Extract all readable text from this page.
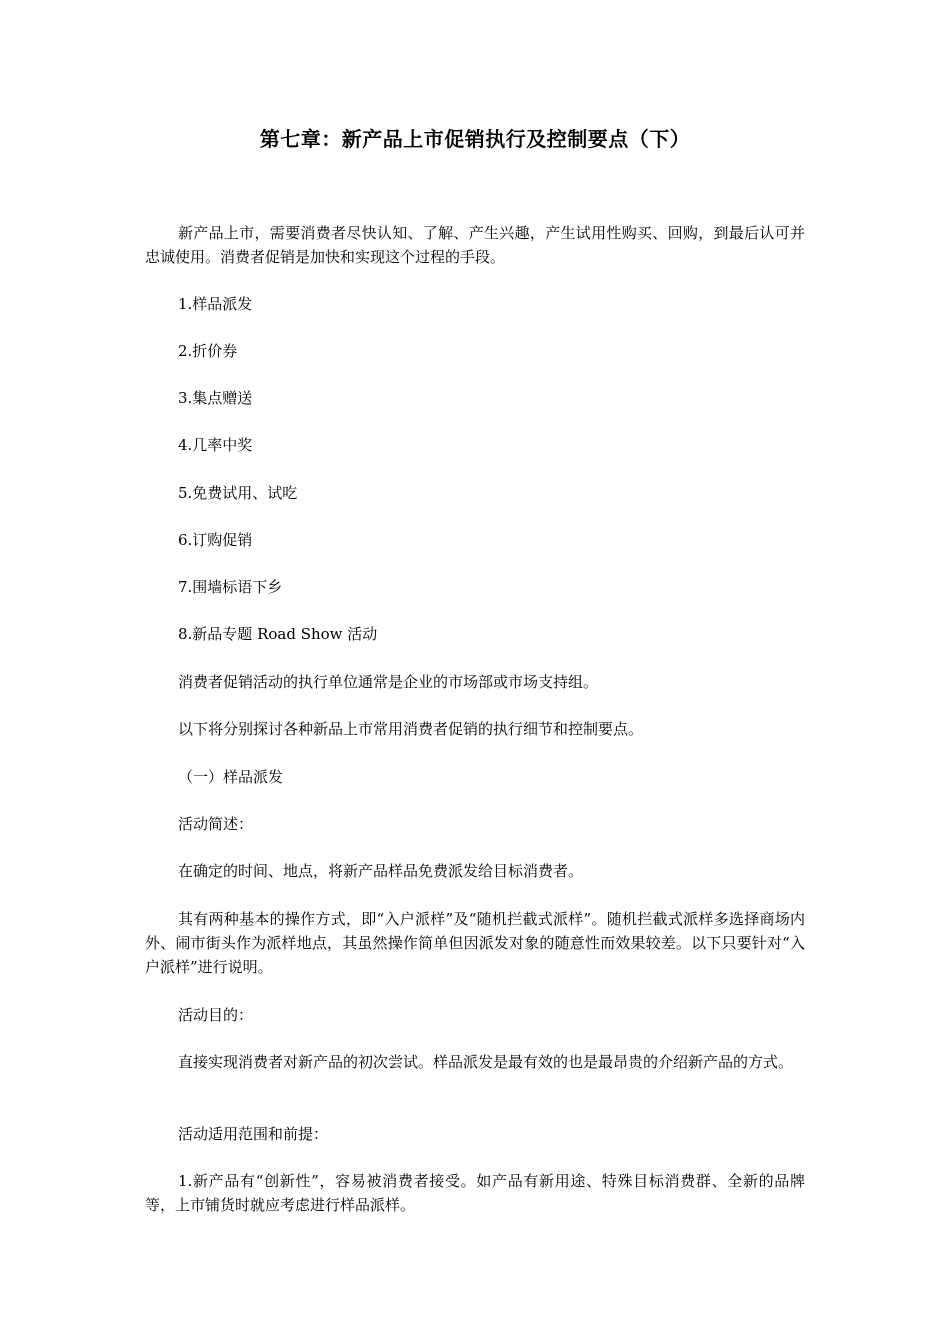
第七章：新产品上市促销执行及控制要点（下）
新产品上市，需要消费者尽快认知、了解、产生兴趣，产生试用性购买、回购，到最后认可并忠诚使用。消费者促销是加快和实现这个过程的手段。
1.样品派发
2.折价券
3.集点赠送
4.几率中奖
5.免费试用、试吃
6.订购促销
7.围墙标语下乡
8.新品专题 Road Show 活动
消费者促销活动的执行单位通常是企业的市场部或市场支持组。
以下将分别探讨各种新品上市常用消费者促销的执行细节和控制要点。
（一）样品派发
活动简述：
在确定的时间、地点，将新产品样品免费派发给目标消费者。
其有两种基本的操作方式，即“入户派样”及“随机拦截式派样”。随机拦截式派样多选择商场内外、闹市街头作为派样地点，其虽然操作简单但因派发对象的随意性而效果较差。以下只要针对“入户派样”进行说明。
活动目的：
直接实现消费者对新产品的初次尝试。样品派发是最有效的也是最昂贵的介绍新产品的方式。
活动适用范围和前提：
1.新产品有“创新性”，容易被消费者接受。如产品有新用途、特殊目标消费群、全新的品牌等，上市铺货时就应考虑进行样品派样。
